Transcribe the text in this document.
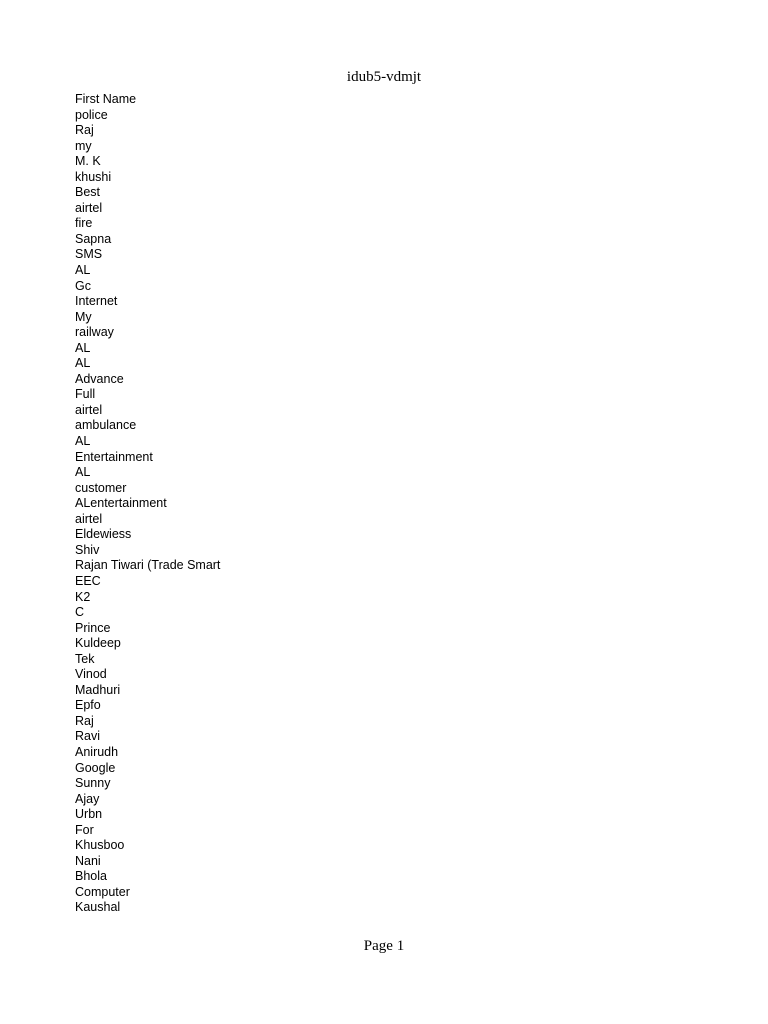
idub5-vdmjt
First Name
police
Raj
my
M. K
khushi
Best
airtel
fire
Sapna
SMS
AL
Gc
Internet
My
railway
AL
AL
Advance
Full
airtel
ambulance
AL
Entertainment
AL
customer
ALentertainment
airtel
Eldewiess
Shiv
Rajan Tiwari (Trade Smart
EEC
K2
C
Prince
Kuldeep
Tek
Vinod
Madhuri
Epfo
Raj
Ravi
Anirudh
Google
Sunny
Ajay
Urbn
For
Khusboo
Nani
Bhola
Computer
Kaushal
Page 1
